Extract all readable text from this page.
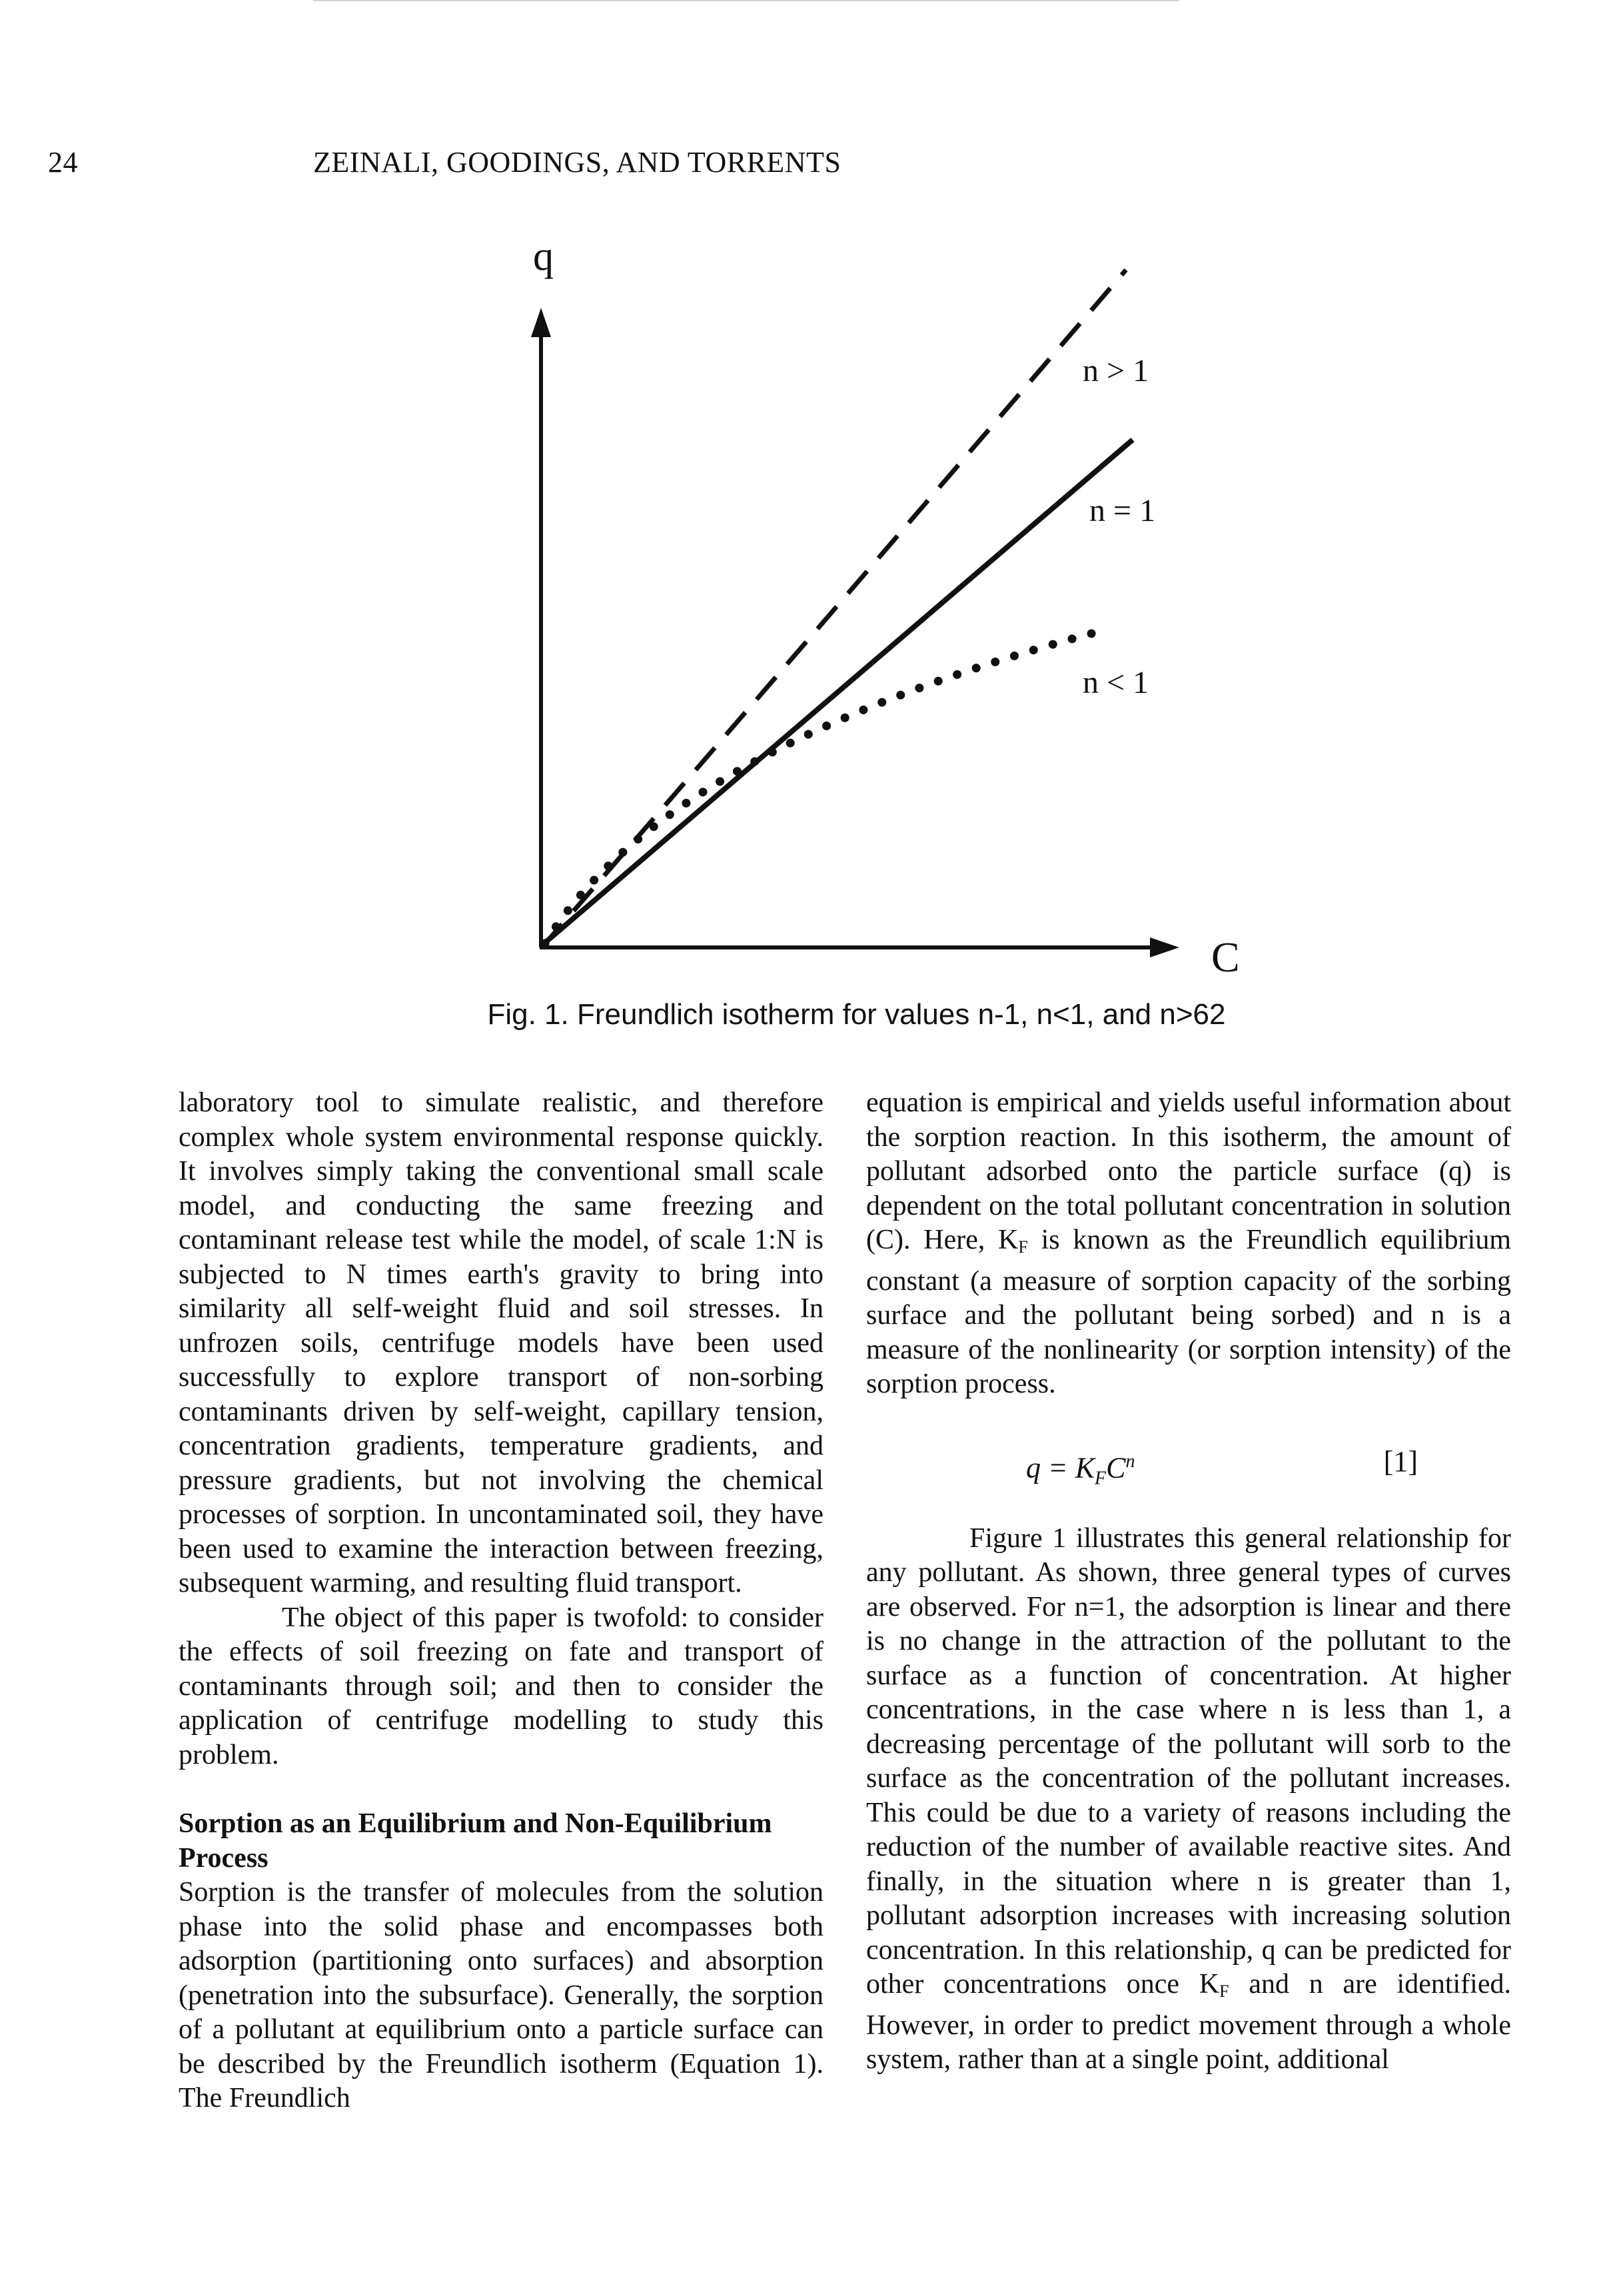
24	ZEINALI, GOODINGS, AND TORRENTS
q
C
n > 1
n = 1
n < 1
Fig. 1. Freundlich isotherm for values n-1, n<1, and n>62

laboratory tool to simulate realistic, and therefore complex whole system environmental response quickly. It involves simply taking the conventional small scale model, and conducting the same freezing and contaminant release test while the model, of scale 1:N is subjected to N times earth's gravity to bring into similarity all self-weight fluid and soil stresses. In unfrozen soils, centrifuge models have been used successfully to explore transport of non-sorbing contaminants driven by self-weight, capillary tension, concentration gradients, temperature gradients, and pressure gradients, but not involving the chemical processes of sorption. In uncontaminated soil, they have been used to examine the interaction between freezing, subsequent warming, and resulting fluid transport.

The object of this paper is twofold: to consider the effects of soil freezing on fate and transport of contaminants through soil; and then to consider the application of centrifuge modelling to study this problem.

Sorption as an Equilibrium and Non-Equilibrium Process

Sorption is the transfer of molecules from the solution phase into the solid phase and encompasses both adsorption (partitioning onto surfaces) and absorption (penetration into the subsurface). Generally, the sorption of a pollutant at equilibrium onto a particle surface can be described by the Freundlich isotherm (Equation 1). The Freundlich

equation is empirical and yields useful information about the sorption reaction. In this isotherm, the amount of pollutant adsorbed onto the particle surface (q) is dependent on the total pollutant concentration in solution (C). Here, KF is known as the Freundlich equilibrium constant (a measure of sorption capacity of the sorbing surface and the pollutant being sorbed) and n is a measure of the nonlinearity (or sorption intensity) of the sorption process.

$q = K_FC^n$	[1]

Figure 1 illustrates this general relationship for any pollutant. As shown, three general types of curves are observed. For n=1, the adsorption is linear and there is no change in the attraction of the pollutant to the surface as a function of concentration. At higher concentrations, in the case where n is less than 1, a decreasing percentage of the pollutant will sorb to the surface as the concentration of the pollutant increases. This could be due to a variety of reasons including the reduction of the number of available reactive sites. And finally, in the situation where n is greater than 1, pollutant adsorption increases with increasing solution concentration. In this relationship, q can be predicted for other concentrations once KF and n are identified. However, in order to predict movement through a whole system, rather than at a single point, additional
